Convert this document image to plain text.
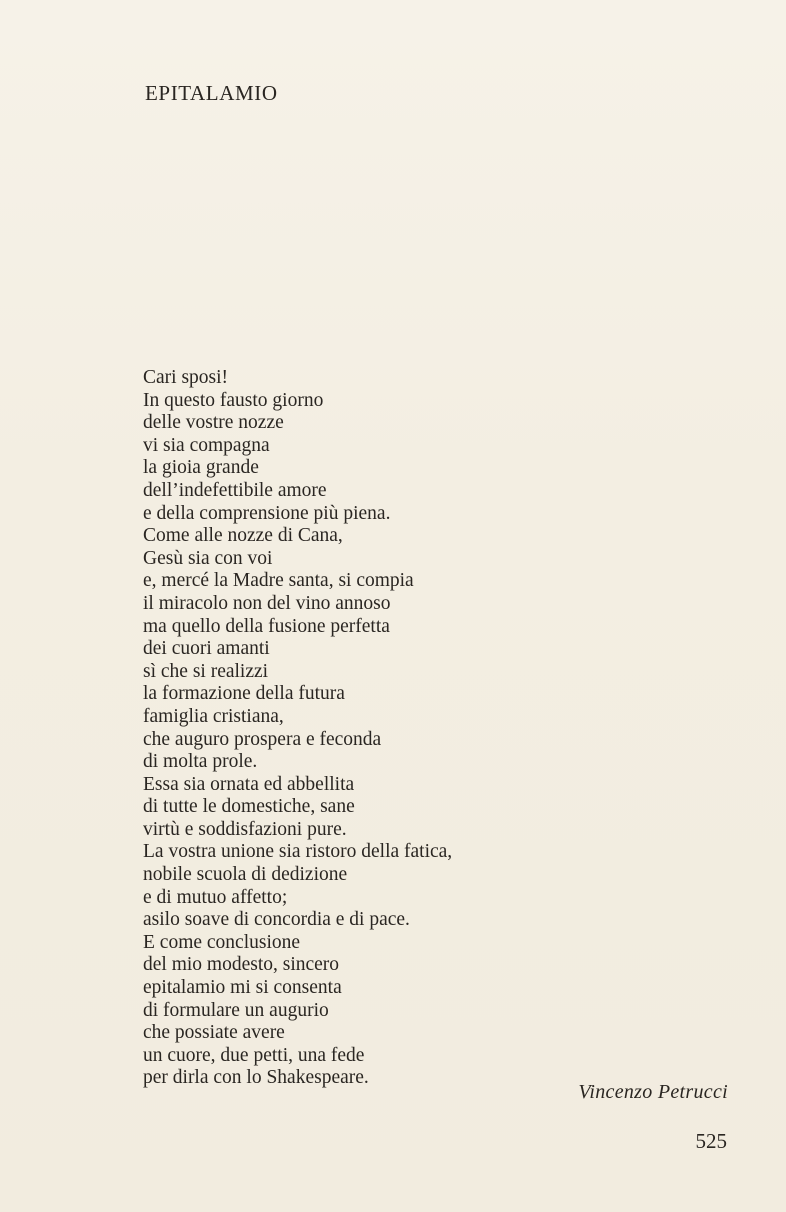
EPITALAMIO
Cari sposi!
In questo fausto giorno
delle vostre nozze
vi sia compagna
la gioia grande
dell’indefettibile amore
e della comprensione più piena.
Come alle nozze di Cana,
Gesù sia con voi
e, mercé la Madre santa, si compia
il miracolo non del vino annoso
ma quello della fusione perfetta
dei cuori amanti
sì che si realizzi
la formazione della futura
famiglia cristiana,
che auguro prospera e feconda
di molta prole.
Essa sia ornata ed abbellita
di tutte le domestiche, sane
virtù e soddisfazioni pure.
La vostra unione sia ristoro della fatica,
nobile scuola di dedizione
e di mutuo affetto;
asilo soave di concordia e di pace.
E come conclusione
del mio modesto, sincero
epitalamio mi si consenta
di formulare un augurio
che possiate avere
un cuore, due petti, una fede
per dirla con lo Shakespeare.
Vincenzo Petrucci
525
